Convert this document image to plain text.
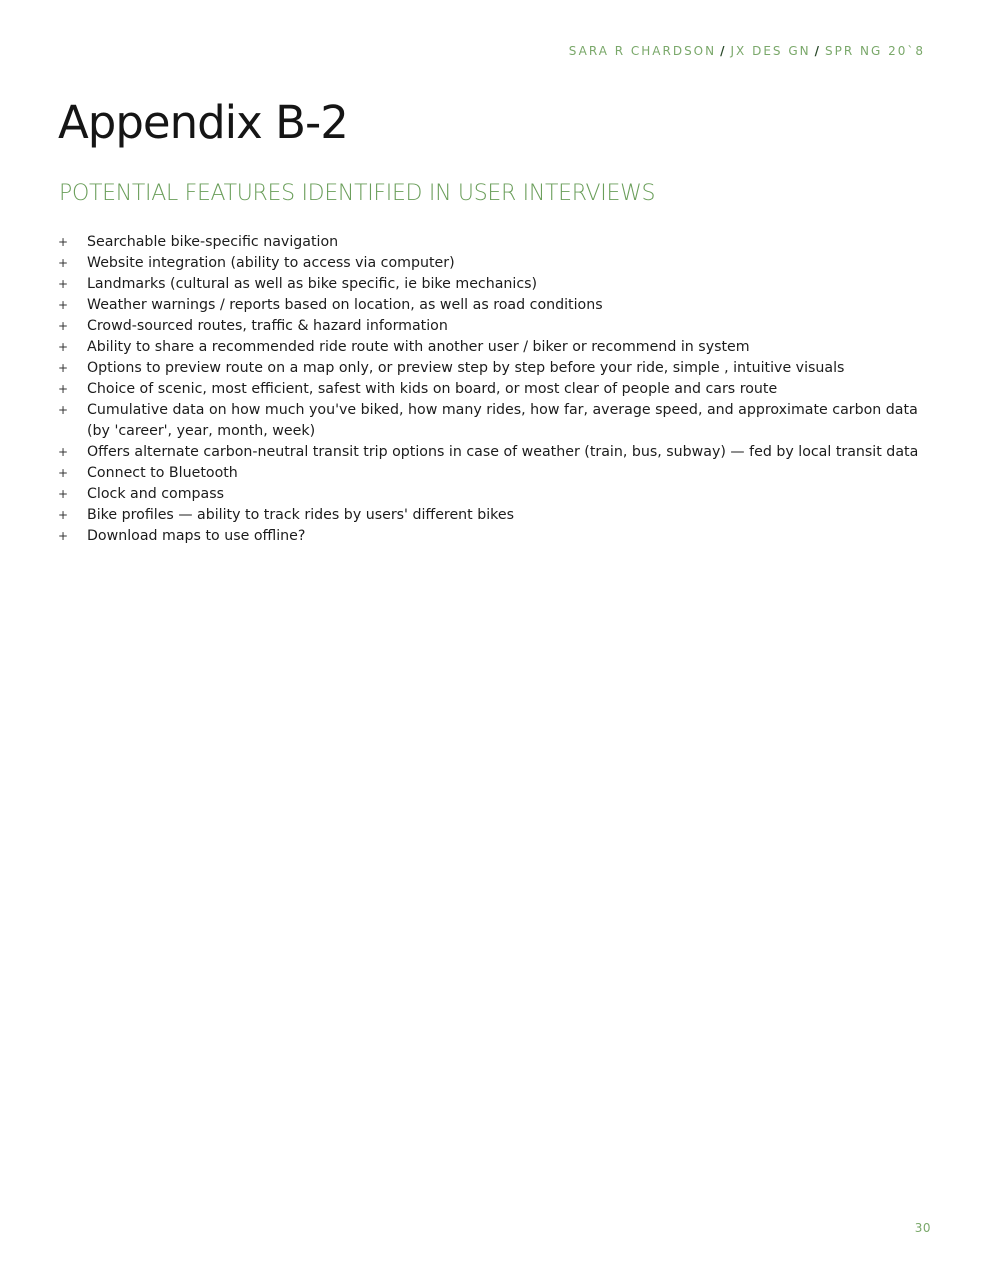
SARA R CHARDSON / JX DES GN / SPR NG 20`8
Appendix B-2
POTENTIAL FEATURES IDENTIFIED IN USER INTERVIEWS
+ Searchable bike-specific navigation
+ Website integration (ability to access via computer)
+ Landmarks (cultural as well as bike specific, ie bike mechanics)
+ Weather warnings / reports based on location, as well as road conditions
+ Crowd-sourced routes, traffic & hazard information
+ Ability to share a recommended ride route with another user / biker or recommend in system
+ Options to preview route on a map only, or preview step by step before your ride, simple , intuitive visuals
+ Choice of scenic, most efficient, safest with kids on board, or most clear of people and cars route
+ Cumulative data on how much you've biked, how many rides, how far, average speed, and approximate carbon data (by 'career', year, month, week)
+ Offers alternate carbon-neutral transit trip options in case of weather (train, bus, subway) — fed by local transit data
+ Connect to Bluetooth
+ Clock and compass
+ Bike profiles — ability to track rides by users' different bikes
+ Download maps to use offline?
30
